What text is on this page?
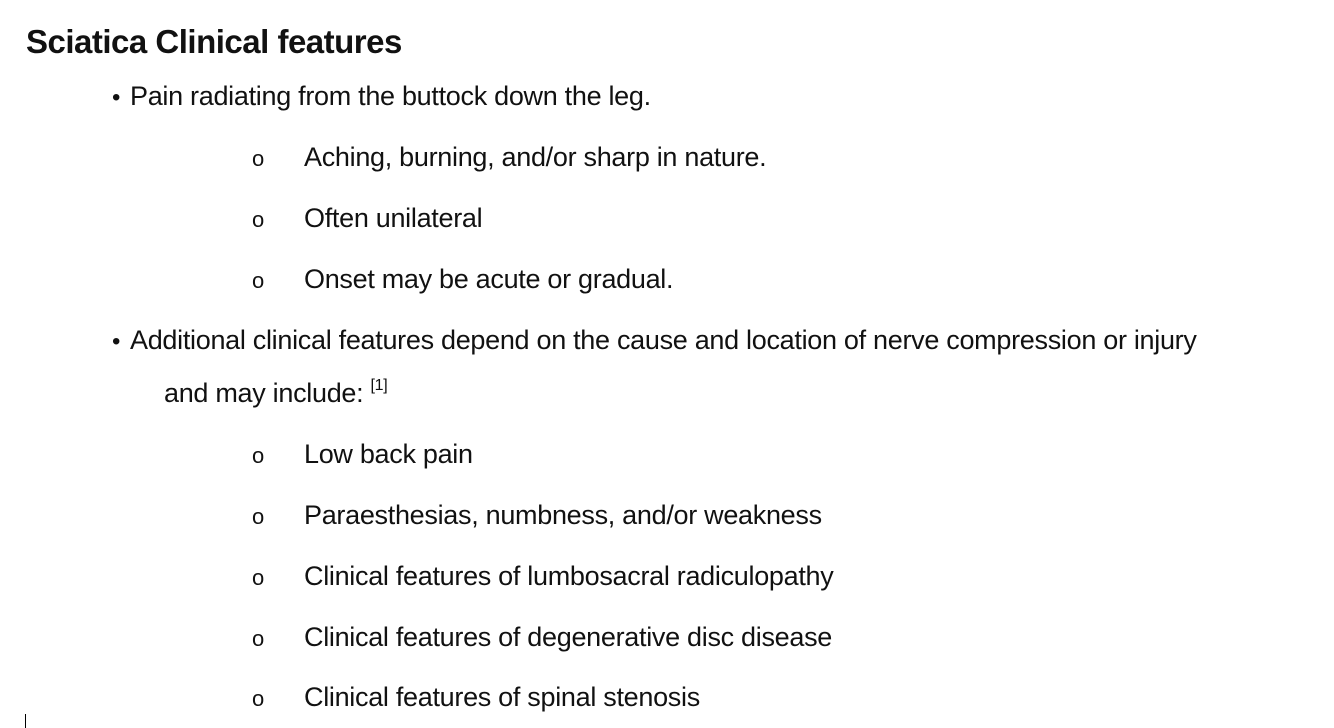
Sciatica Clinical features
• Pain radiating from the buttock down the leg.
o Aching, burning, and/or sharp in nature.
o Often unilateral
o Onset may be acute or gradual.
• Additional clinical features depend on the cause and location of nerve compression or injury
and may include: [1]
o Low back pain
o Paraesthesias, numbness, and/or weakness
o Clinical features of lumbosacral radiculopathy
o Clinical features of degenerative disc disease
o Clinical features of spinal stenosis
